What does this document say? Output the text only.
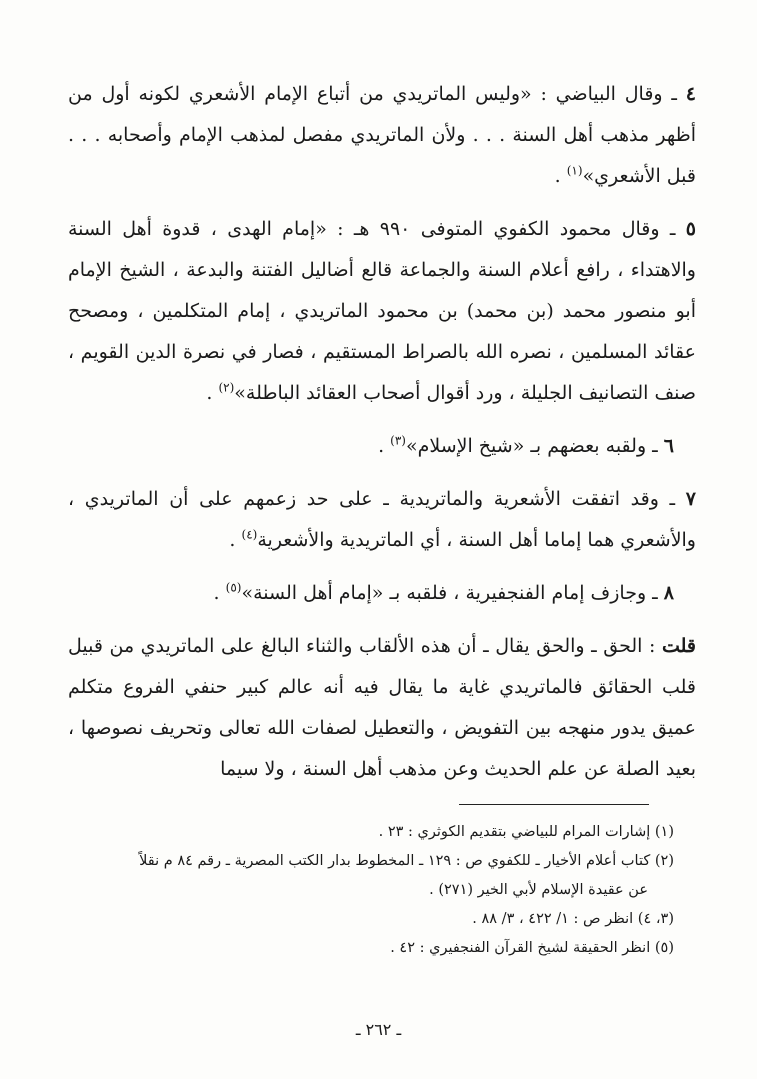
٤ ـ وقال البياضي : «وليس الماتريدي من أتباع الإمام الأشعري لكونه أول من أظهر مذهب أهل السنة . . . ولأن الماتريدي مفصل لمذهب الإمام وأصحابه . . . قبل الأشعري»$^{(١)}$ .

٥ ـ وقال محمود الكفوي المتوفى ٩٩٠ هـ : «إمام الهدى ، قدوة أهل السنة والاهتداء ، رافع أعلام السنة والجماعة قالع أضاليل الفتنة والبدعة ، الشيخ الإمام أبو منصور محمد (بن محمد) بن محمود الماتريدي ، إمام المتكلمين ، ومصحح عقائد المسلمين ، نصره الله بالصراط المستقيم ، فصار في نصرة الدين القويم ، صنف التصانيف الجليلة ، ورد أقوال أصحاب العقائد الباطلة»$^{(٢)}$ .

٦ ـ ولقبه بعضهم بـ «شيخ الإسلام»$^{(٣)}$ .

٧ ـ وقد اتفقت الأشعرية والماتريدية ـ على حد زعمهم على أن الماتريدي ، والأشعري هما إماما أهل السنة ، أي الماتريدية والأشعرية$^{(٤)}$ .

٨ ـ وجازف إمام الفنجفيرية ، فلقبه بـ «إمام أهل السنة»$^{(٥)}$ .

قلت : الحق ـ والحق يقال ـ أن هذه الألقاب والثناء البالغ على الماتريدي من قبيل قلب الحقائق فالماتريدي غاية ما يقال فيه أنه عالم كبير حنفي الفروع متكلم عميق يدور منهجه بين التفويض ، والتعطيل لصفات الله تعالى وتحريف نصوصها ، بعيد الصلة عن علم الحديث وعن مذهب أهل السنة ، ولا سيما

(١) إشارات المرام للبياضي بتقديم الكوثري : ٢٣ .

(٢) كتاب أعلام الأخيار ـ للكفوي ص : ١٢٩ ـ المخطوط بدار الكتب المصرية ـ رقم ٨٤ م نقلاً
عن عقيدة الإسلام لأبي الخير (٢٧١) .

(٣، ٤) انظر ص : ١/ ٤٢٢ ، ٣/ ٨٨ .

(٥) انظر الحقيقة لشيخ القرآن الفنجفيري : ٤٢ .

ـ ٢٦٢ ـ
